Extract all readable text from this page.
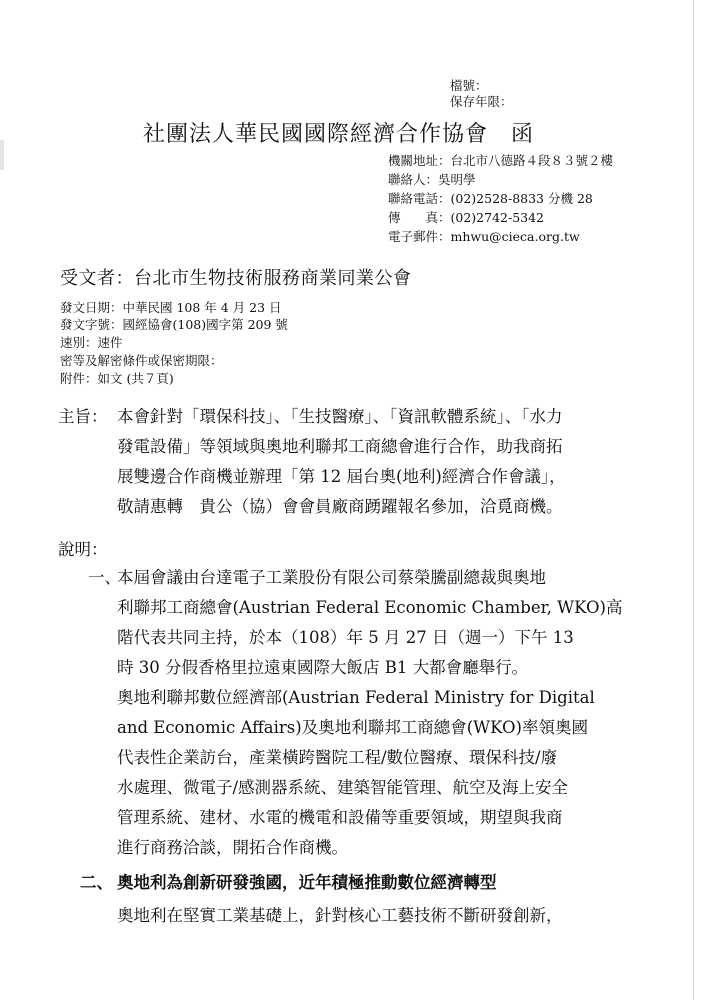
檔號：
保存年限：
社團法人華民國國際經濟合作協會　函
機關地址：台北市八德路４段８３號２樓
聯絡人：吳明學
聯絡電話：(02)2528-8833 分機 28
傳　　真：(02)2742-5342
電子郵件：mhwu@cieca.org.tw
受文者：台北市生物技術服務商業同業公會
發文日期：中華民國 108 年 4 月 23 日
發文字號：國經協會(108)國字第 209 號
速別：速件
密等及解密條件或保密期限：
附件：如文 (共７頁)
主旨： 本會針對「環保科技」、「生技醫療」、「資訊軟體系統」、「水力
發電設備」等領域與奧地利聯邦工商總會進行合作，助我商拓
展雙邊合作商機並辦理「第 12 屆台奧(地利)經濟合作會議」，
敬請惠轉　貴公（協）會會員廠商踴躍報名參加，洽覓商機。
說明：
一、
本屆會議由台達電子工業股份有限公司蔡榮騰副總裁與奧地
利聯邦工商總會(Austrian Federal Economic Chamber, WKO)高
階代表共同主持，於本（108）年 5 月 27 日（週一）下午 13
時 30 分假香格里拉遠東國際大飯店 B1 大都會廳舉行。
奧地利聯邦數位經濟部(Austrian Federal Ministry for Digital
and Economic Affairs)及奧地利聯邦工商總會(WKO)率領奧國
代表性企業訪台，產業橫跨醫院工程/數位醫療、環保科技/廢
水處理、微電子/感測器系統、建築智能管理、航空及海上安全
管理系統、建材、水電的機電和設備等重要領域，期望與我商
進行商務洽談，開拓合作商機。
二、 奧地利為創新研發強國，近年積極推動數位經濟轉型
奧地利在堅實工業基礎上，針對核心工藝技術不斷研發創新，
